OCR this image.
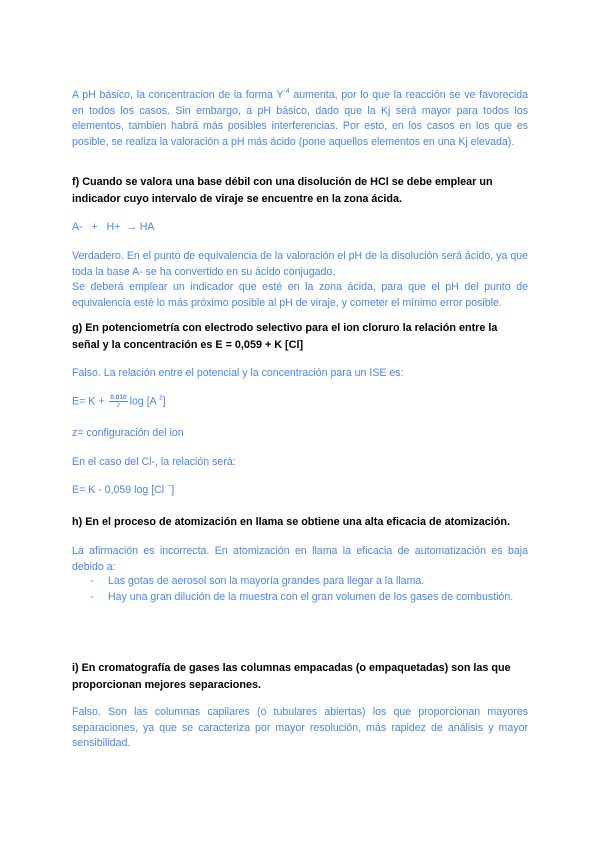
A pH básico, la concentracion de la forma $Y^{-4}$ aumenta, por lo que la reacción se ve favorecida en todos los casos. Sin embargo, a pH básico, dado que la Kj será mayor para todos los elementos, tambien habrá más posibles interferencias. Por esto, en los casos en los que es posible, se realiza la valoración a pH más ácido (pone aquellos elementos en una Kj elevada).

f) Cuando se valora una base débil con una disolución de HCl se debe emplear un indicador cuyo intervalo de viraje se encuentre en la zona ácida.

A-   +   H+  → HA

Verdadero. En el punto de equivalencia de la valoración el pH de la disolución será ácido, ya que toda la base A- se ha convertido en su ácido conjugado.

Se deberá emplear un indicador que esté en la zona ácida, para que el pH del punto de equivalencia esté lo más próximo posible al pH de viraje, y cometer el mínimo error posible.

g) En potenciometría con electrodo selectivo para el ion cloruro la relación entre la
señal y la concentración es E = 0,059 + K [Cl]

Falso. La relación entre el potencial y la concentración para un ISE es:

$E= K + \frac{0.010}{z}$ log [A $^z$]

z= configuración del ion

En el caso del Cl-, la relación será:

E= K - 0,059 log [Cl −]

h) En el proceso de atomización en llama se obtiene una alta eficacia de atomización.

La afirmación es incorrecta. En atomización en llama la eficacia de automatización es baja debido a:

- Las gotas de aerosol son la mayoría grandes para llegar a la llama.
- Hay una gran dilución de la muestra con el gran volumen de los gases de combustión.
i) En cromatografía de gases las columnas empacadas (o empaquetadas) son las que
proporcionan mejores separaciones.

Falso. Son las columnas capilares (o tubulares abiertas) los que proporcionan mayores separaciones, ya que se caracteriza por mayor resolución, más rapidez de análisis y mayor sensibilidad.
